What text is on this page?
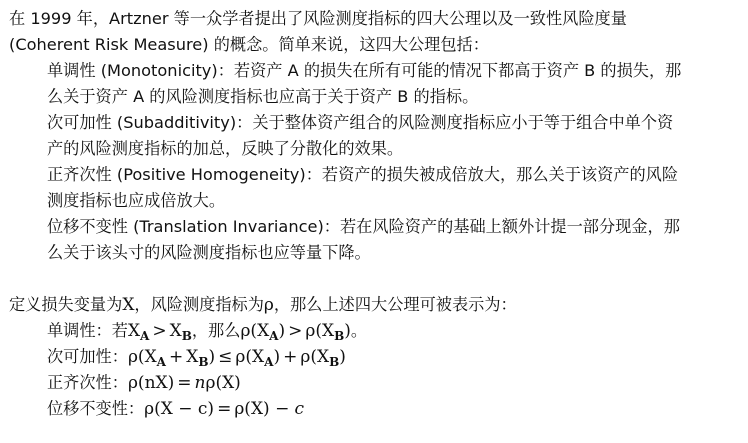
在 1999 年，Artzner 等一众学者提出了风险测度指标的四大公理以及一致性风险度量
(Coherent Risk Measure) 的概念。简单来说，这四大公理包括：
单调性 (Monotonicity)：若资产 A 的损失在所有可能的情况下都高于资产 B 的损失，那
么关于资产 A 的风险测度指标也应高于关于资产 B 的指标。
次可加性 (Subadditivity)：关于整体资产组合的风险测度指标应小于等于组合中单个资
产的风险测度指标的加总，反映了分散化的效果。
正齐次性 (Positive Homogeneity)：若资产的损失被成倍放大，那么关于该资产的风险
测度指标也应成倍放大。
位移不变性 (Translation Invariance)：若在风险资产的基础上额外计提一部分现金，那
么关于该头寸的风险测度指标也应等量下降。
定义损失变量为X，风险测度指标为ρ，那么上述四大公理可被表示为：
单调性：若$X_A > X_B$，那么$\rho(X_A) > \rho(X_B)$。
次可加性：$\rho(X_A + X_B) \le \rho(X_A) + \rho(X_B)$
正齐次性：ρ(nX) = nρ(X)
位移不变性：ρ(X − c) = ρ(X) − c
